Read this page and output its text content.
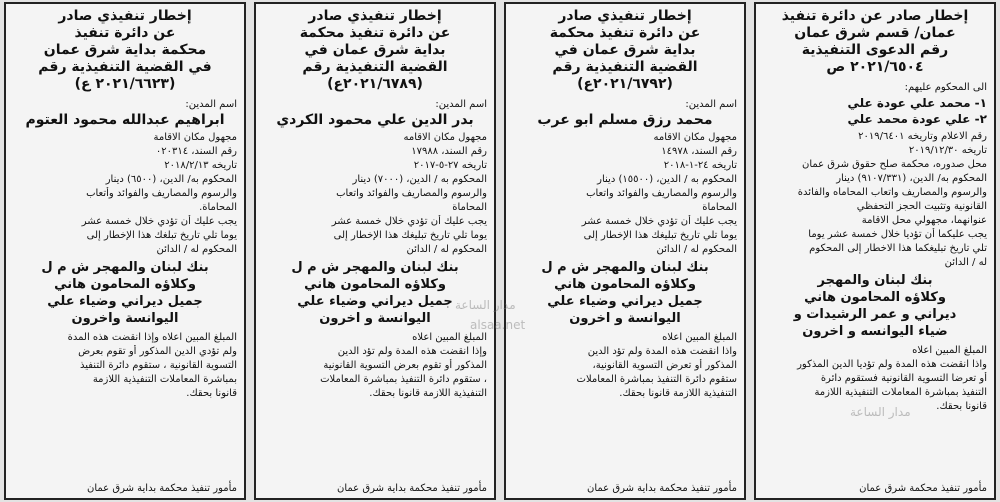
إخطار صادر عن دائرة تنفيذ
عمان/ قسم شرق عمان
رقم الدعوى التنفيذية
٢٠٢١/٦٥٠٤ ص
الى المحكوم عليهم:
١- محمد علي عودة علي
٢- علي عودة محمد علي
رقم الاعلام وتاريخه ٢٠١٩/٦٤٠١
تاريخه ٢٠١٩/١٢/٣٠
محل صدوره، محكمة صلح حقوق شرق عمان
المحكوم به/ الدين، (٩١٠٧/٣٣١) دينار
والرسوم والمصاريف واتعاب المحاماه والفائدة
القانونية وتثبيت الحجز التحفظي
عنوانهما، مجهولي محل الاقامة
يجب عليكما أن تؤديا خلال خمسة عشر يوما
تلي تاريخ تبليغكما هذا الاخطار إلى المحكوم
له / الدائن
بنك لبنان والمهجر
وكلاؤه المحامون هاني
ديراني و عمر الرشيدات و
ضياء اليوانسه و اخرون
المبلغ المبين اعلاه
واذا انقضت هذه المدة ولم تؤديا الدين المذكور
أو تعرضا التسوية القانونية فستقوم دائرة
التنفيذ بمباشرة المعاملات التنفيذية اللازمة
قانونا بحقك.
مأمور تنفيذ محكمة شرق عمان
إخطار تنفيذي صادر
عن دائرة تنفيذ محكمة
بداية شرق عمان في
القضية التنفيذية رقم
(٢٠٢١/٦٧٩٢ع)
اسم المدين:
محمد رزق مسلم ابو عرب
مجهول مكان الاقامه
رقم السند، ١٤٩٧٨
تاريخه ٢٤-١-٢٠١٨
المحكوم به / الدين، (١٥٥٠٠) دينار
والرسوم والمصاريف والفوائد واتعاب
المحاماة
يجب عليك أن تؤدي خلال خمسة عشر
يوما تلي تاريخ تبليغك هذا الإخطار إلى
المحكوم له / الدائن
بنك لبنان والمهجر ش م ل
وكلاؤه المحامون هاني
جميل ديراني وضياء علي
اليوانسة و اخرون
المبلغ المبين اعلاه
واذا انقضت هذه المدة ولم تؤد الدين
المذكور أو تعرض التسوية القانونية،
ستقوم دائرة التنفيذ بمباشرة المعاملات
التنفيذية اللازمة قانونا بحقك.
مأمور تنفيذ محكمة بداية شرق عمان
إخطار تنفيذي صادر
عن دائرة تنفيذ محكمة
بداية شرق عمان في
القضية التنفيذية رقم
(٢٠٢١/٦٧٨٩ع)
اسم المدين:
بدر الدين علي محمود الكردي
مجهول مكان الاقامه
رقم السند، ١٧٩٨٨
تاريخه ٢٧-٥-٢٠١٧
المحكوم به / الدين، (٧٠٠٠) دينار
والرسوم والمصاريف والفوائد واتعاب
المحاماة
يجب عليك أن تؤدي خلال خمسة عشر
يوما تلي تاريخ تبليغك هذا الإخطار إلى
المحكوم له / الدائن
بنك لبنان والمهجر ش م ل
وكلاؤه المحامون هاني
جميل ديراني وضياء علي
اليوانسة و اخرون
المبلغ المبين اعلاه
وإذا انقضت هذه المدة ولم تؤد الدين
المذكور أو تقوم بعرض التسوية القانونية
، ستقوم دائرة التنفيذ بمباشرة المعاملات
التنفيذية اللازمة قانونا بحقك.
مأمور تنفيذ محكمة بداية شرق عمان
إخطار تنفيذي صادر
عن دائرة تنفيذ
محكمة بداية شرق عمان
في القضية التنفيذية رقم
(٢٠٢١/٦٦٢٣ ع)
اسم المدين:
ابراهيم عبدالله محمود العتوم
مجهول مكان الاقامة
رقم السند، ٠٢٠٣١٤
تاريخه ٢٠١٨/٢/١٣
المحكوم به/ الدين، (٦٥٠٠) دينار
والرسوم والمصاريف والفوائد وأتعاب
المحاماة.
يجب عليك أن تؤدي خلال خمسة عشر
يوما تلي تاريخ تبلغك هذا الإخطار إلى
المحكوم له / الدائن
بنك لبنان والمهجر ش م ل
وكلاؤه المحامون هاني
جميل ديراني وضياء علي
اليوانسة واخرون
المبلغ المبين اعلاه وإذا انقضت هذه المدة
ولم تؤدي الدين المذكور أو تقوم بعرض
التسوية القانونية ، ستقوم دائرة التنفيذ
بمباشرة المعاملات التنفيذية اللازمة
قانونا بحقك.
مأمور تنفيذ محكمة بداية شرق عمان
مدار الساعة
alsaa.net
مدار الساعة
